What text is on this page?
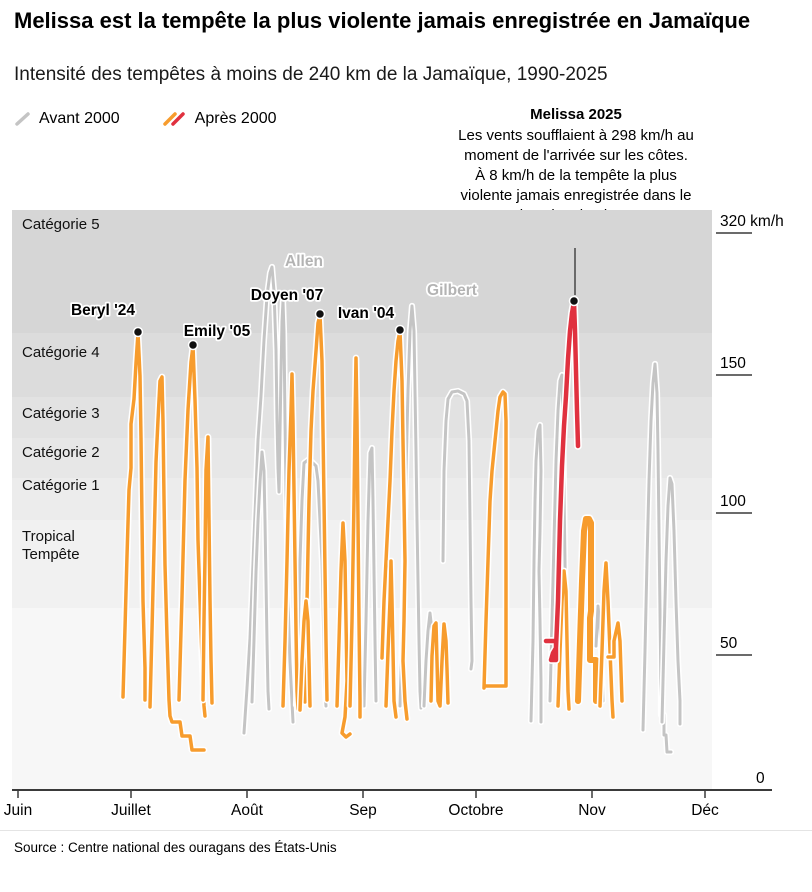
Melissa est la tempête la plus violente jamais enregistrée en Jamaïque
Intensité des tempêtes à moins de 240 km de la Jamaïque, 1990-2025
Avant 2000	Après 2000	Melissa 2025
Les vents soufflaient à 298 km/h au
moment de l'arrivée sur les côtes.
À 8 km/h de la tempête la plus
violente jamais enregistrée dans le
Juin	Juillet	Août	Sep	Octobre	Nov	Déc
320 km/h
150
100
50
0
Catégorie 5
Catégorie 4
Catégorie 3
Catégorie 2
Catégorie 1
Tropical
Tempête
Beryl '24
Emily '05
Doyen '07
Ivan '04
Allen
Gilbert
Source : Centre national des ouragans des États-Unis
